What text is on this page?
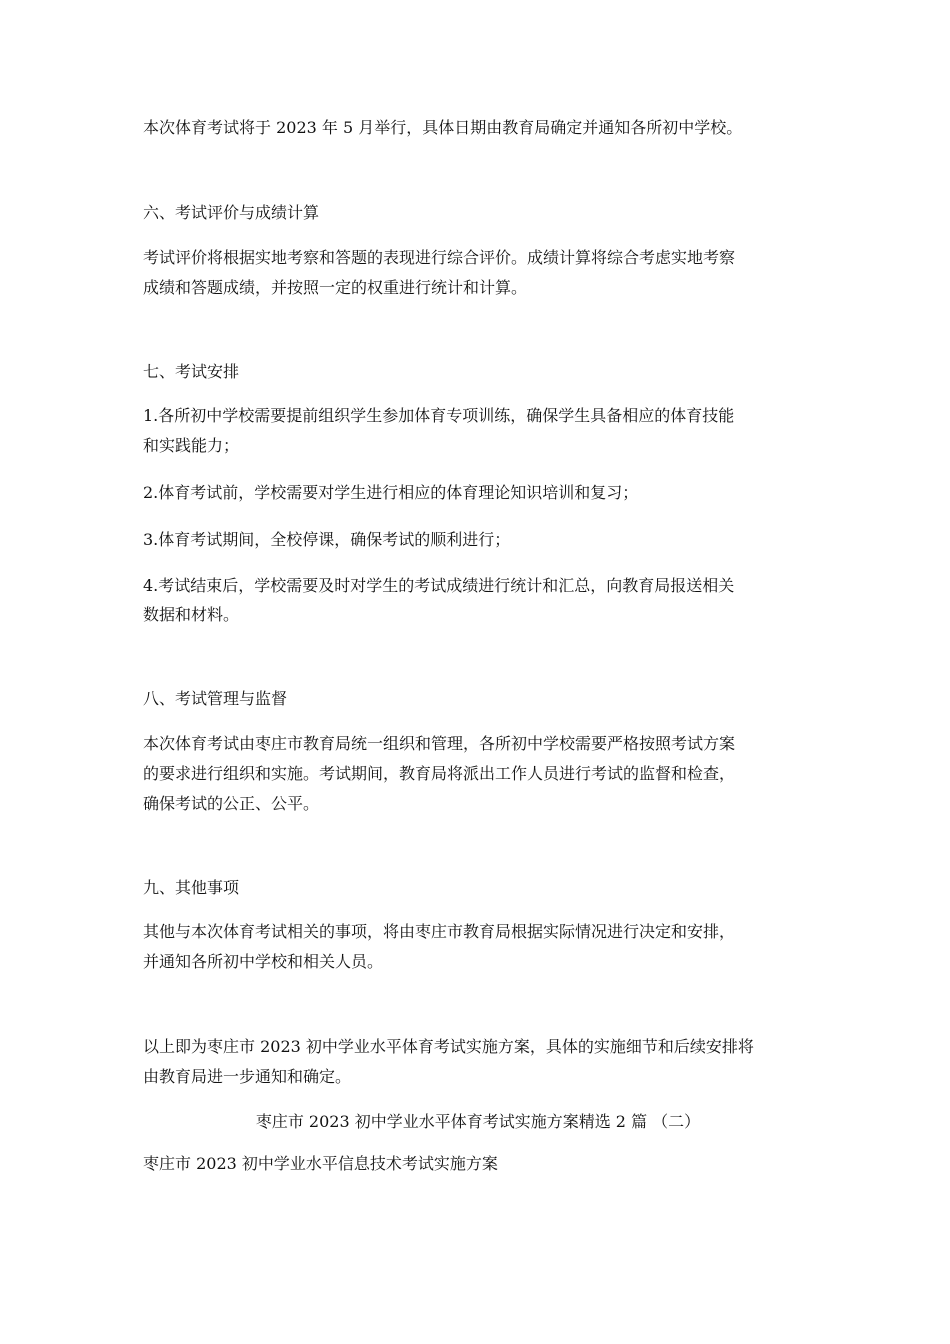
本次体育考试将于 2023 年 5 月举行，具体日期由教育局确定并通知各所初中学校。
六、考试评价与成绩计算
考试评价将根据实地考察和答题的表现进行综合评价。成绩计算将综合考虑实地考察
成绩和答题成绩，并按照一定的权重进行统计和计算。
七、考试安排
1.各所初中学校需要提前组织学生参加体育专项训练，确保学生具备相应的体育技能
和实践能力；
2.体育考试前，学校需要对学生进行相应的体育理论知识培训和复习；
3.体育考试期间，全校停课，确保考试的顺利进行；
4.考试结束后，学校需要及时对学生的考试成绩进行统计和汇总，向教育局报送相关
数据和材料。
八、考试管理与监督
本次体育考试由枣庄市教育局统一组织和管理，各所初中学校需要严格按照考试方案
的要求进行组织和实施。考试期间，教育局将派出工作人员进行考试的监督和检查，
确保考试的公正、公平。
九、其他事项
其他与本次体育考试相关的事项，将由枣庄市教育局根据实际情况进行决定和安排，
并通知各所初中学校和相关人员。
以上即为枣庄市 2023 初中学业水平体育考试实施方案，具体的实施细节和后续安排将
由教育局进一步通知和确定。
枣庄市 2023 初中学业水平体育考试实施方案精选 2 篇 （二）
枣庄市 2023 初中学业水平信息技术考试实施方案
